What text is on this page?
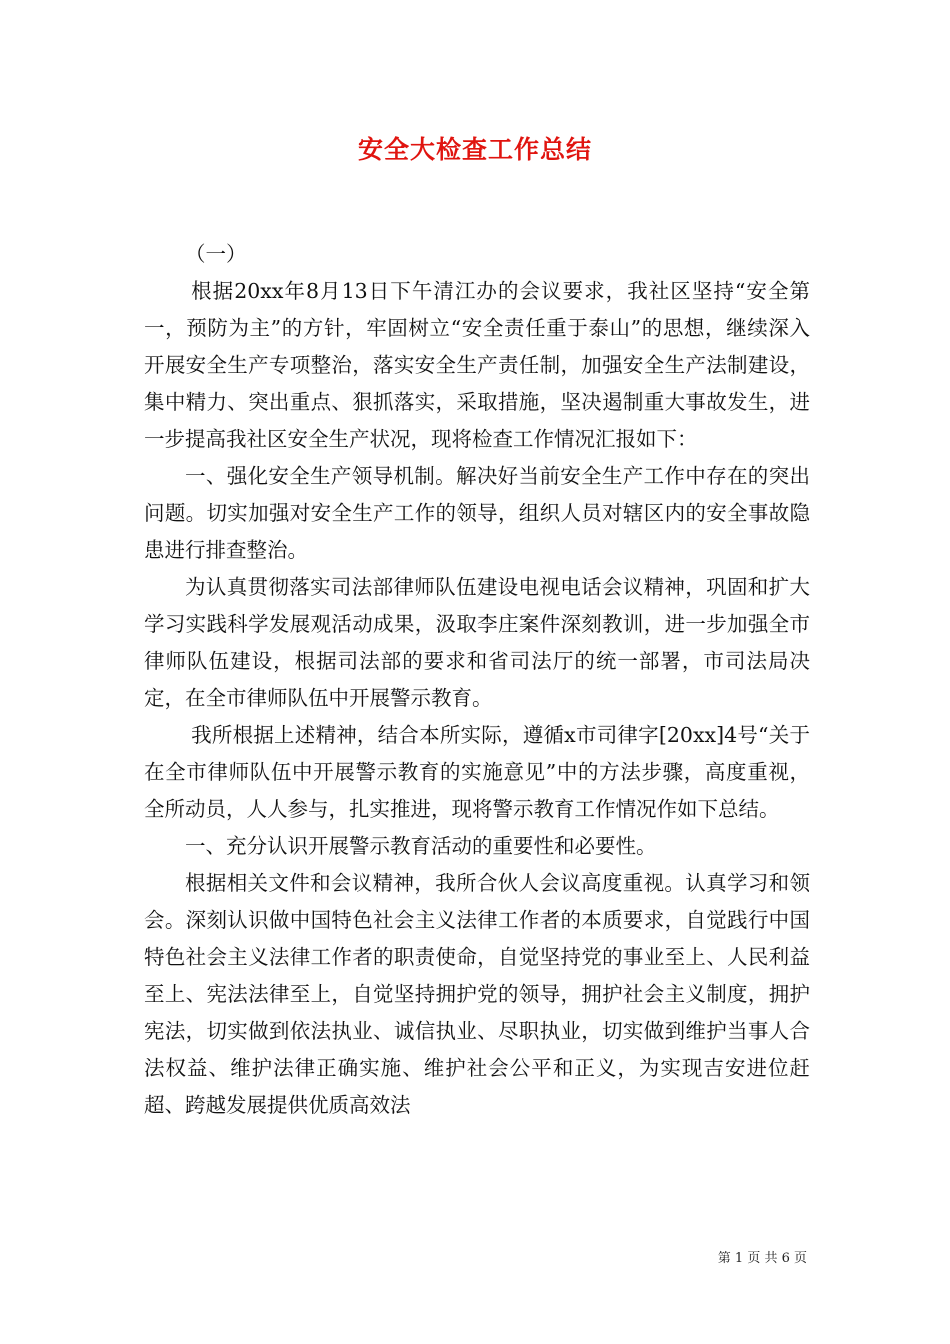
安全大检查工作总结

（一）

根据20xx年8月13日下午清江办的会议要求，我社区坚持“安全第一，预防为主”的方针，牢固树立“安全责任重于泰山”的思想，继续深入开展安全生产专项整治，落实安全生产责任制，加强安全生产法制建设，集中精力、突出重点、狠抓落实，采取措施，坚决遏制重大事故发生，进一步提高我社区安全生产状况，现将检查工作情况汇报如下：

一、强化安全生产领导机制。解决好当前安全生产工作中存在的突出问题。切实加强对安全生产工作的领导，组织人员对辖区内的安全事故隐患进行排查整治。

为认真贯彻落实司法部律师队伍建设电视电话会议精神，巩固和扩大学习实践科学发展观活动成果，汲取李庄案件深刻教训，进一步加强全市律师队伍建设，根据司法部的要求和省司法厅的统一部署，市司法局决定，在全市律师队伍中开展警示教育。

我所根据上述精神，结合本所实际，遵循x市司律字[20xx]4号“关于在全市律师队伍中开展警示教育的实施意见”中的方法步骤，高度重视，全所动员，人人参与，扎实推进，现将警示教育工作情况作如下总结。

一、充分认识开展警示教育活动的重要性和必要性。

根据相关文件和会议精神，我所合伙人会议高度重视。认真学习和领会。深刻认识做中国特色社会主义法律工作者的本质要求，自觉践行中国特色社会主义法律工作者的职责使命，自觉坚持党的事业至上、人民利益至上、宪法法律至上，自觉坚持拥护党的领导，拥护社会主义制度，拥护宪法，切实做到依法执业、诚信执业、尽职执业，切实做到维护当事人合法权益、维护法律正确实施、维护社会公平和正义，为实现吉安进位赶超、跨越发展提供优质高效法

第 1 页 共 6 页
